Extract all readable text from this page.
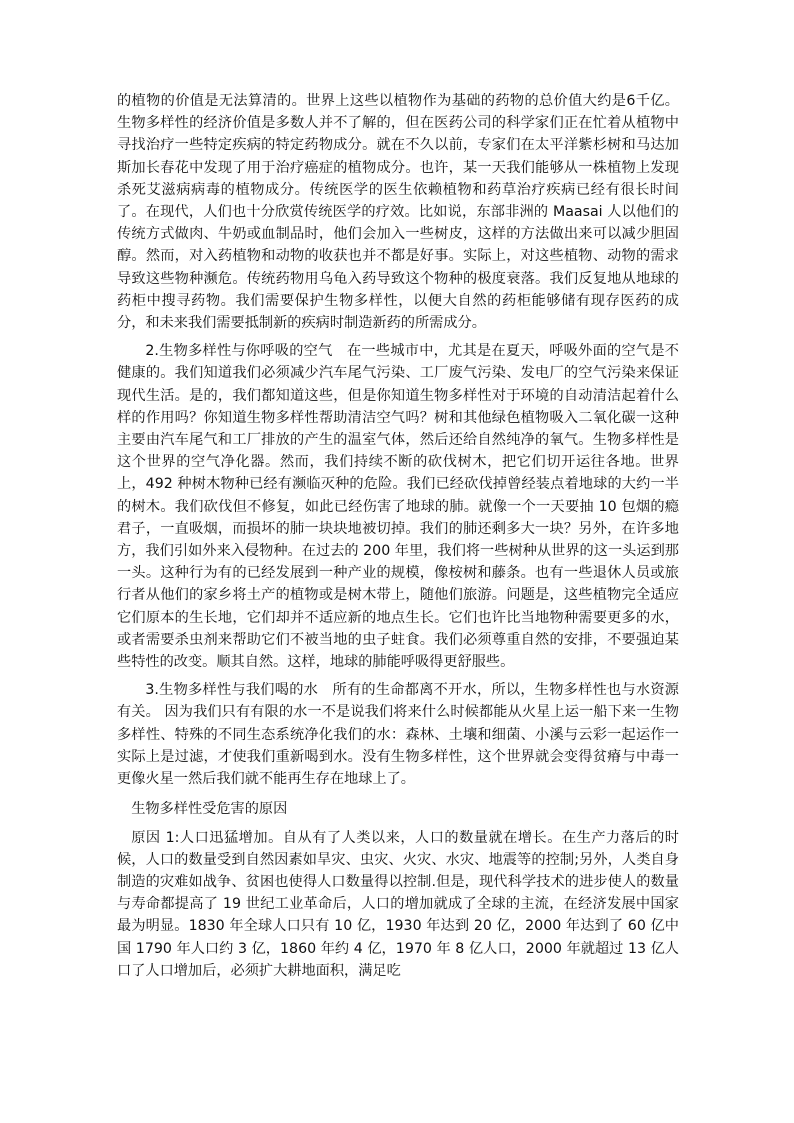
的植物的价值是无法算清的。世界上这些以植物作为基础的药物的总价值大约是6千亿。生物多样性的经济价值是多数人并不了解的，但在医药公司的科学家们正在忙着从植物中寻找治疗一些特定疾病的特定药物成分。就在不久以前，专家们在太平洋紫杉树和马达加斯加长春花中发现了用于治疗癌症的植物成分。也许，某一天我们能够从一株植物上发现杀死艾滋病病毒的植物成分。传统医学的医生依赖植物和药草治疗疾病已经有很长时间了。在现代，人们也十分欣赏传统医学的疗效。比如说，东部非洲的 Maasai 人以他们的传统方式做肉、牛奶或血制品时，他们会加入一些树皮，这样的方法做出来可以减少胆固醇。然而，对入药植物和动物的收获也并不都是好事。实际上，对这些植物、动物的需求导致这些物种濒危。传统药物用乌龟入药导致这个物种的极度衰落。我们反复地从地球的药柜中搜寻药物。我们需要保护生物多样性，以便大自然的药柜能够储有现存医药的成分，和未来我们需要抵制新的疾病时制造新药的所需成分。

2.生物多样性与你呼吸的空气　在一些城市中，尤其是在夏天，呼吸外面的空气是不健康的。我们知道我们必须减少汽车尾气污染、工厂废气污染、发电厂的空气污染来保证现代生活。是的，我们都知道这些，但是你知道生物多样性对于环境的自动清洁起着什么样的作用吗？你知道生物多样性帮助清洁空气吗？树和其他绿色植物吸入二氧化碳一这种主要由汽车尾气和工厂排放的产生的温室气体，然后还给自然纯净的氧气。生物多样性是这个世界的空气净化器。然而，我们持续不断的砍伐树木，把它们切开运往各地。世界上，492 种树木物种已经有濒临灭种的危险。我们已经砍伐掉曾经装点着地球的大约一半的树木。我们砍伐但不修复，如此已经伤害了地球的肺。就像一个一天要抽 10 包烟的瘾君子，一直吸烟，而损坏的肺一块块地被切掉。我们的肺还剩多大一块？另外，在许多地方，我们引如外来入侵物种。在过去的 200 年里，我们将一些树种从世界的这一头运到那一头。这种行为有的已经发展到一种产业的规模，像桉树和藤条。也有一些退休人员或旅行者从他们的家乡将土产的植物或是树木带上，随他们旅游。问题是，这些植物完全适应它们原本的生长地，它们却并不适应新的地点生长。它们也许比当地物种需要更多的水，或者需要杀虫剂来帮助它们不被当地的虫子蛀食。我们必须尊重自然的安排，不要强迫某些特性的改变。顺其自然。这样，地球的肺能呼吸得更舒服些。

3.生物多样性与我们喝的水　所有的生命都离不开水，所以，生物多样性也与水资源有关。 因为我们只有有限的水一不是说我们将来什么时候都能从火星上运一船下来一生物多样性、特殊的不同生态系统净化我们的水：森林、土壤和细菌、小溪与云彩一起运作一实际上是过滤，才使我们重新喝到水。没有生物多样性，这个世界就会变得贫瘠与中毒一更像火星一然后我们就不能再生存在地球上了。

生物多样性受危害的原因

原因 1:人口迅猛增加。自从有了人类以来，人口的数量就在增长。在生产力落后的时候，人口的数量受到自然因素如旱灾、虫灾、火灾、水灾、地震等的控制;另外，人类自身制造的灾难如战争、贫困也使得人口数量得以控制.但是，现代科学技术的进步使人的数量与寿命都提高了 19 世纪工业革命后，人口的增加就成了全球的主流，在经济发展中国家最为明显。1830 年全球人口只有 10 亿，1930 年达到 20 亿，2000 年达到了 60 亿中国 1790 年人口约 3 亿，1860 年约 4 亿，1970 年 8 亿人口，2000 年就超过 13 亿人口了人口增加后，必须扩大耕地面积，满足吃
